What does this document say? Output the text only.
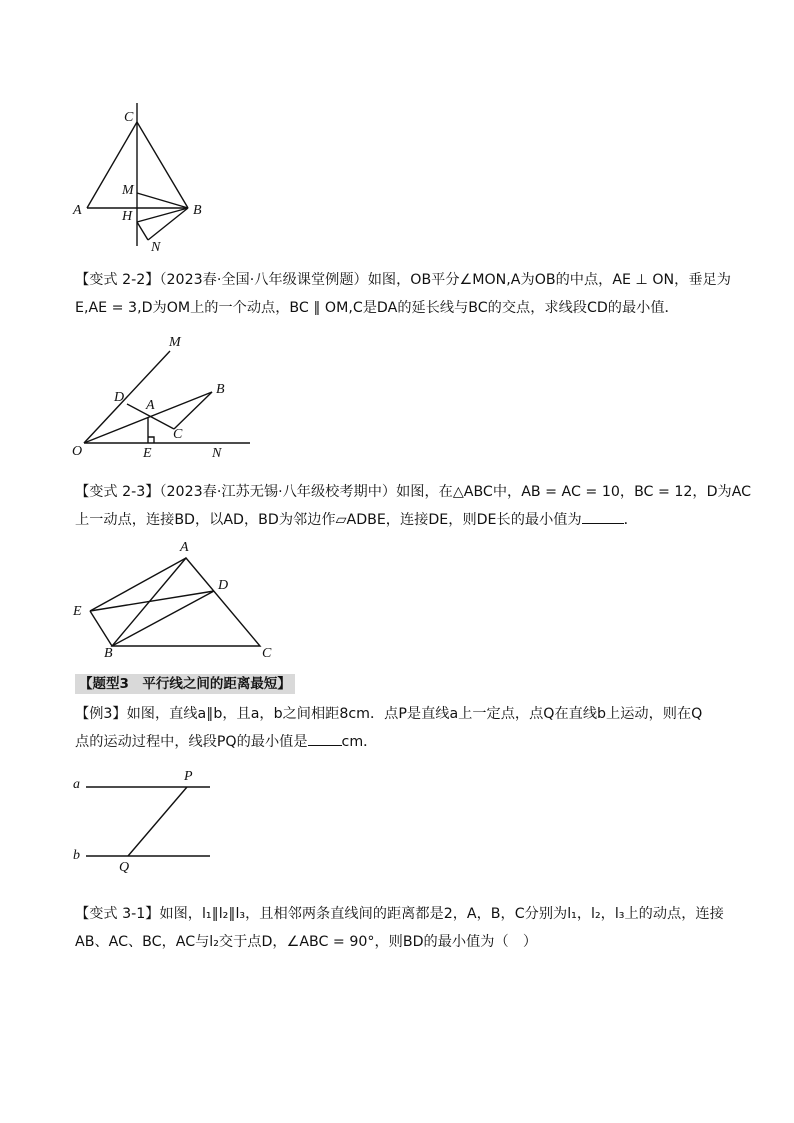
C
M
A	H	B
N
【变式 2-2】（2023春·全国·八年级课堂例题）如图，OB平分∠MON,A为OB的中点，AE ⊥ ON，垂足为
E,AE = 3,D为OM上的一个动点，BC ∥ OM,C是DA的延长线与BC的交点，求线段CD的最小值．
M
B
D
A
C
O	E	N
【变式 2-3】（2023春·江苏无锡·八年级校考期中）如图，在△ABC中，AB = AC = 10，BC = 12，D为AC
上一动点，连接BD，以AD，BD为邻边作▱ADBE，连接DE，则DE长的最小值为	．
A
D
E
B	C
【题型3　平行线之间的距离最短】
【例3】如图，直线a∥b，且a，b之间相距8cm．点P是直线a上一定点，点Q在直线b上运动，则在Q
点的运动过程中，线段PQ的最小值是 cm．
a
P
b
Q
【变式 3-1】如图，l₁∥l₂∥l₃，且相邻两条直线间的距离都是2，A，B，C分别为l₁，l₂，l₃上的动点，连接
AB、AC、BC，AC与l₂交于点D，∠ABC = 90°，则BD的最小值为（　）
